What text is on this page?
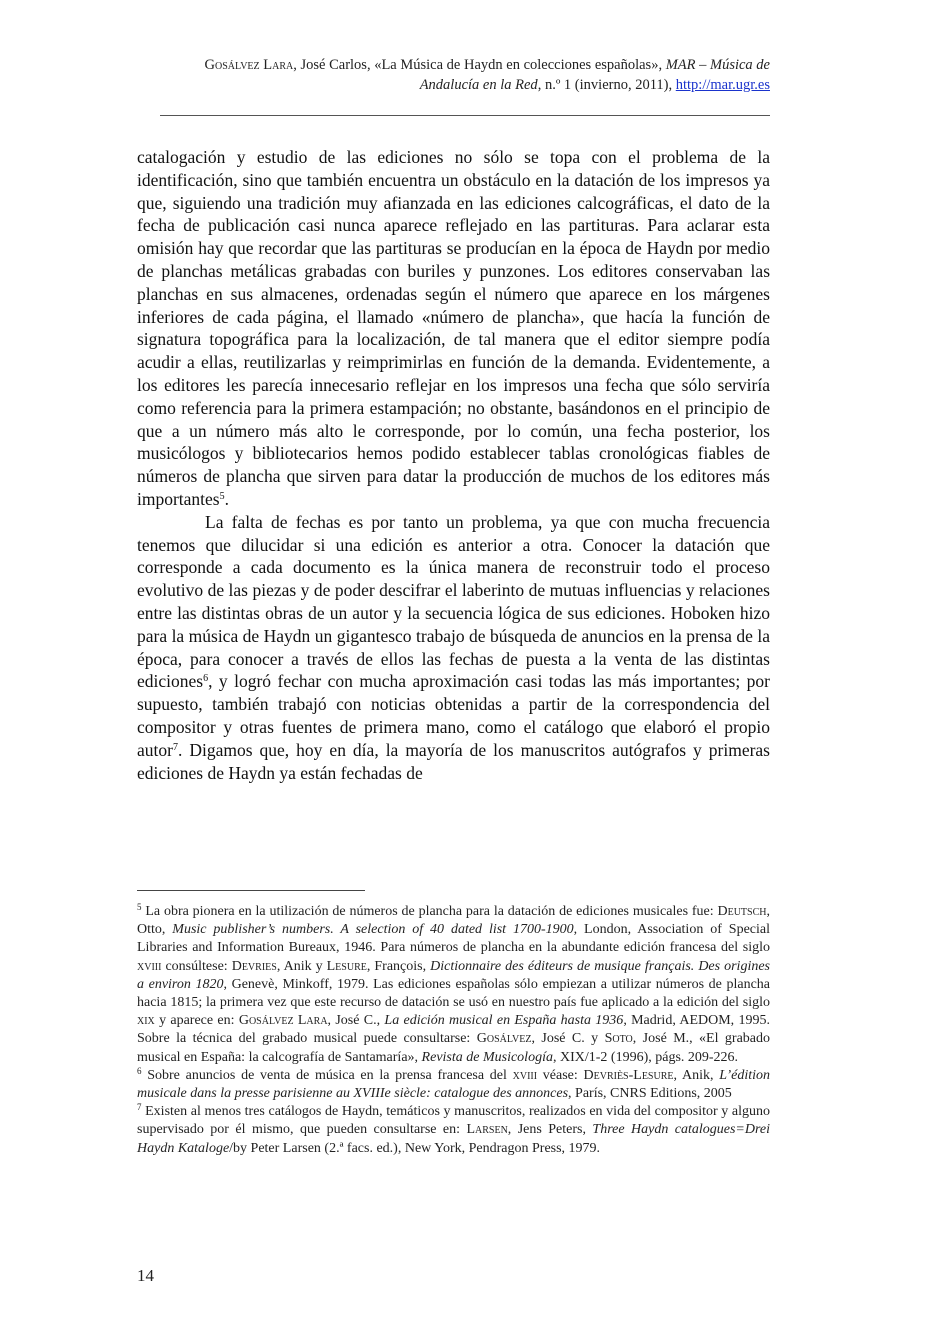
Gosálvez Lara, José Carlos, «La Música de Haydn en colecciones españolas», MAR – Música de Andalucía en la Red, n.º 1 (invierno, 2011), http://mar.ugr.es

catalogación y estudio de las ediciones no sólo se topa con el problema de la identificación, sino que también encuentra un obstáculo en la datación de los impresos ya que, siguiendo una tradición muy afianzada en las ediciones calcográficas, el dato de la fecha de publicación casi nunca aparece reflejado en las partituras. Para aclarar esta omisión hay que recordar que las partituras se producían en la época de Haydn por medio de planchas metálicas grabadas con buriles y punzones. Los editores conservaban las planchas en sus almacenes, ordenadas según el número que aparece en los márgenes inferiores de cada página, el llamado «número de plancha», que hacía la función de signatura topográfica para la localización, de tal manera que el editor siempre podía acudir a ellas, reutilizarlas y reimprimirlas en función de la demanda. Evidentemente, a los editores les parecía innecesario reflejar en los impresos una fecha que sólo serviría como referencia para la primera estampación; no obstante, basándonos en el principio de que a un número más alto le corresponde, por lo común, una fecha posterior, los musicólogos y bibliotecarios hemos podido establecer tablas cronológicas fiables de números de plancha que sirven para datar la producción de muchos de los editores más importantes$^5$.

La falta de fechas es por tanto un problema, ya que con mucha frecuencia tenemos que dilucidar si una edición es anterior a otra. Conocer la datación que corresponde a cada documento es la única manera de reconstruir todo el proceso evolutivo de las piezas y de poder descifrar el laberinto de mutuas influencias y relaciones entre las distintas obras de un autor y la secuencia lógica de sus ediciones. Hoboken hizo para la música de Haydn un gigantesco trabajo de búsqueda de anuncios en la prensa de la época, para conocer a través de ellos las fechas de puesta a la venta de las distintas ediciones$^6$, y logró fechar con mucha aproximación casi todas las más importantes; por supuesto, también trabajó con noticias obtenidas a partir de la correspondencia del compositor y otras fuentes de primera mano, como el catálogo que elaboró el propio autor$^7$. Digamos que, hoy en día, la mayoría de los manuscritos autógrafos y primeras ediciones de Haydn ya están fechadas de

$^5$ La obra pionera en la utilización de números de plancha para la datación de ediciones musicales fue: Deutsch, Otto, Music publisher’s numbers. A selection of 40 dated list 1700-1900, London, Association of Special Libraries and Information Bureaux, 1946. Para números de plancha en la abundante edición francesa del siglo xviii consúltese: Devries, Anik y Lesure, François, Dictionnaire des éditeurs de musique français. Des origines a environ 1820, Genevè, Minkoff, 1979. Las ediciones españolas sólo empiezan a utilizar números de plancha hacia 1815; la primera vez que este recurso de datación se usó en nuestro país fue aplicado a la edición del siglo xix y aparece en: Gosálvez Lara, José C., La edición musical en España hasta 1936, Madrid, AEDOM, 1995. Sobre la técnica del grabado musical puede consultarse: Gosálvez, José C. y Soto, José M., «El grabado musical en España: la calcografía de Santamaría», Revista de Musicología, XIX/1-2 (1996), págs. 209-226.

$^6$ Sobre anuncios de venta de música en la prensa francesa del xviii véase: Devriès-Lesure, Anik, L’édition musicale dans la presse parisienne au XVIIIe siècle: catalogue des annonces, París, CNRS Editions, 2005

$^7$ Existen al menos tres catálogos de Haydn, temáticos y manuscritos, realizados en vida del compositor y alguno supervisado por él mismo, que pueden consultarse en: Larsen, Jens Peters, Three Haydn catalogues=Drei Haydn Kataloge/by Peter Larsen (2.ª facs. ed.), New York, Pendragon Press, 1979.

14
